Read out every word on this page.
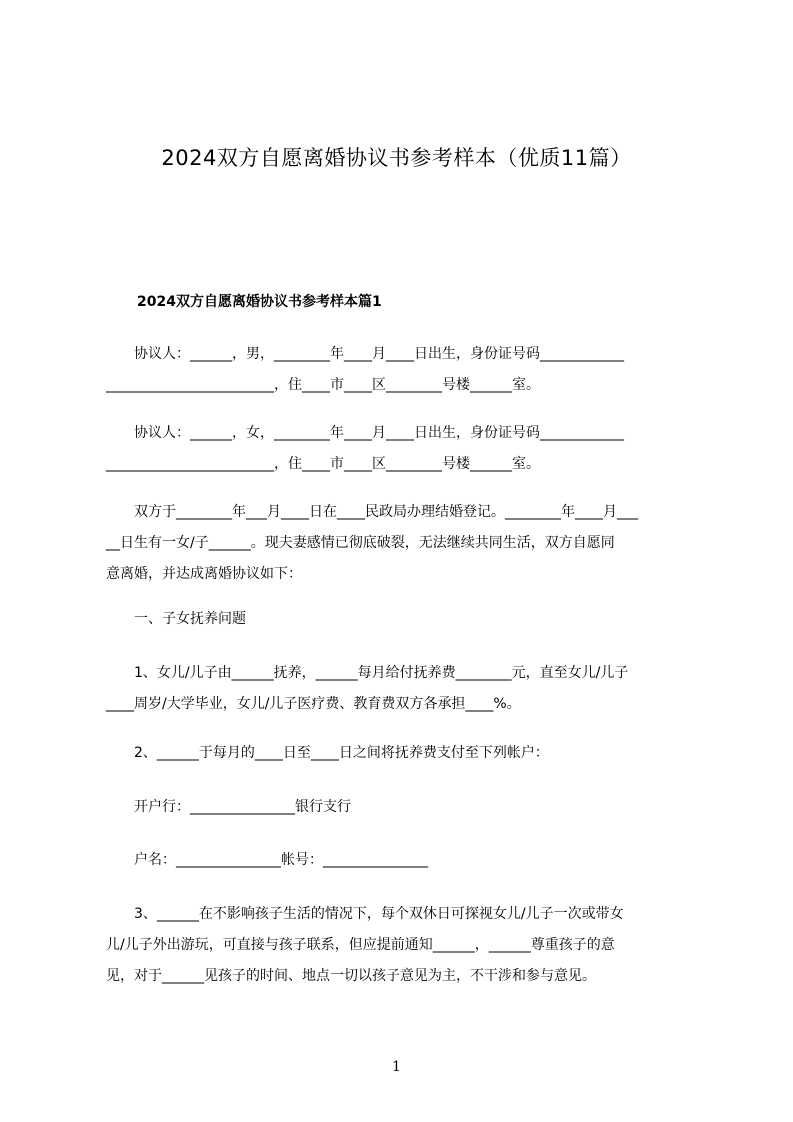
2024双方自愿离婚协议书参考样本（优质11篇）
2024双方自愿离婚协议书参考样本篇1
　　协议人：______，男，________年____月____日出生，身份证号码____________
________________________，住____市____区________号楼______室。
　　协议人：______，女，________年____月____日出生，身份证号码____________
________________________，住____市____区________号楼______室。
　　双方于________年___月____日在____民政局办理结婚登记。________年____月___
__日生有一女/子______。现夫妻感情已彻底破裂，无法继续共同生活，双方自愿同
意离婚，并达成离婚协议如下：
　　一、子女抚养问题
　　1、女儿/儿子由______抚养，______每月给付抚养费________元，直至女儿/儿子
____周岁/大学毕业，女儿/儿子医疗费、教育费双方各承担____%。
　　2、______于每月的____日至____日之间将抚养费支付至下列帐户：
　　开户行：_______________银行支行
　　户名：_______________帐号：_______________
　　3、______在不影响孩子生活的情况下，每个双休日可探视女儿/儿子一次或带女
儿/儿子外出游玩，可直接与孩子联系，但应提前通知______，______尊重孩子的意
见，对于______见孩子的时间、地点一切以孩子意见为主，不干涉和参与意见。
1
